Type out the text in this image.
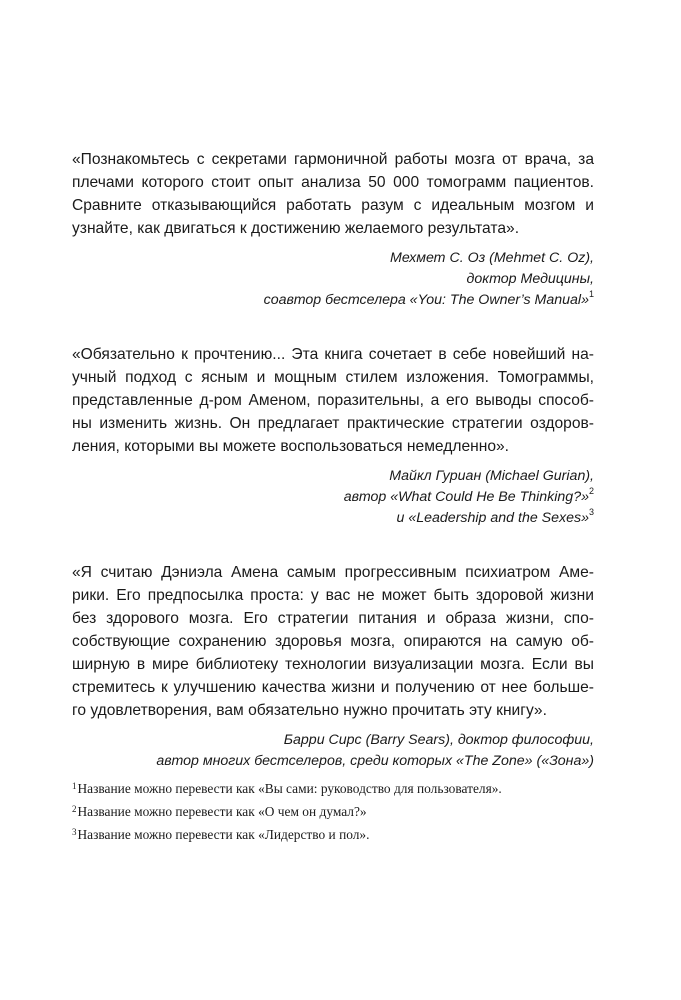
«Познакомьтесь с секретами гармоничной работы мозга от врача, за
плечами которого стоит опыт анализа 50 000 томограмм пациентов.
Сравните отказывающийся работать разум с идеальным мозгом и
узнайте, как двигаться к достижению желаемого результата».

Мехмет С. Оз (Mehmet C. Oz),
доктор Медицины,
соавтор бестселера «You: The Owner’s Manual»$^1$

«Обязательно к прочтению... Эта книга сочетает в себе новейший на-
учный подход с ясным и мощным стилем изложения. Томограммы,
представленные д-ром Аменом, поразительны, а его выводы способ-
ны изменить жизнь. Он предлагает практические стратегии оздоров-
ления, которыми вы можете воспользоваться немедленно».

Майкл Гуриан (Michael Gurian),
автор «What Could He Be Thinking?»$^2$
и «Leadership and the Sexes»$^3$

«Я считаю Дэниэла Амена самым прогрессивным психиатром Аме-
рики. Его предпосылка проста: у вас не может быть здоровой жизни
без здорового мозга. Его стратегии питания и образа жизни, спо-
собствующие сохранению здоровья мозга, опираются на самую об-
ширную в мире библиотеку технологии визуализации мозга. Если вы
стремитесь к улучшению качества жизни и получению от нее больше-
го удовлетворения, вам обязательно нужно прочитать эту книгу».

Барри Сирс (Barry Sears), доктор философии,
автор многих бестселеров, среди которых «The Zone» («Зона»)
$^1$Название можно перевести как «Вы сами: руководство для пользователя».
$^2$Название можно перевести как «О чем он думал?»
$^3$Название можно перевести как «Лидерство и пол».
